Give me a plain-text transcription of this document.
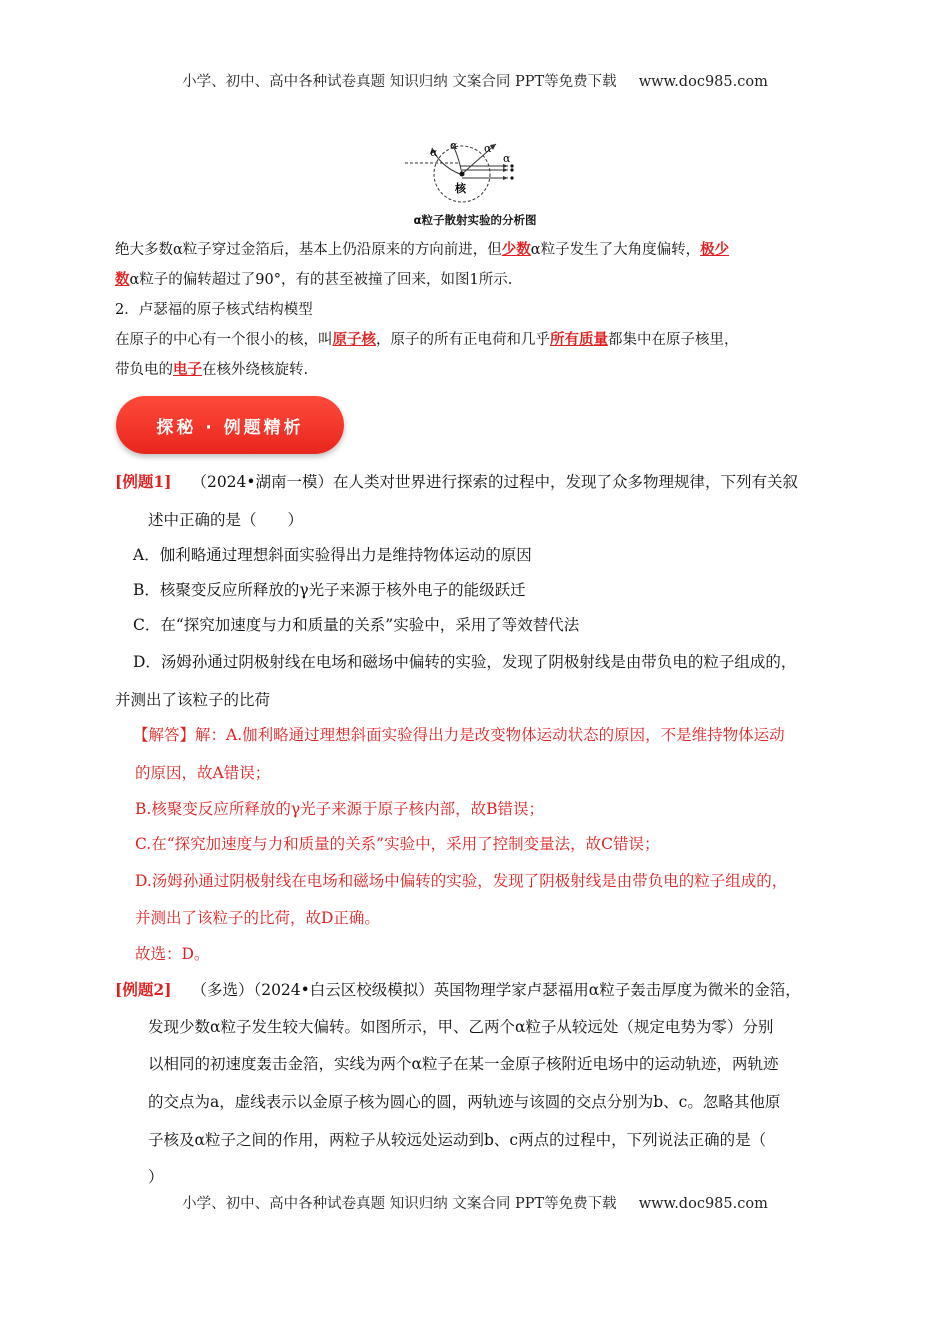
小学、初中、高中各种试卷真题 知识归纳 文案合同 PPT等免费下载 www.doc985.com
α
α α
α
核
α粒子散射实验的分析图
绝大多数α粒子穿过金箔后，基本上仍沿原来的方向前进，但少数α粒子发生了大角度偏转，极少
数α粒子的偏转超过了90°，有的甚至被撞了回来，如图1所示.
2．卢瑟福的原子核式结构模型
在原子的中心有一个很小的核，叫原子核，原子的所有正电荷和几乎所有质量都集中在原子核里，
带负电的电子在核外绕核旋转.
探秘 · 例题精析
[例题1] （2024•湖南一模）在人类对世界进行探索的过程中，发现了众多物理规律，下列有关叙
述中正确的是（　　）
A．伽利略通过理想斜面实验得出力是维持物体运动的原因
B．核聚变反应所释放的γ光子来源于核外电子的能级跃迁
C．在“探究加速度与力和质量的关系”实验中，采用了等效替代法
D．汤姆孙通过阴极射线在电场和磁场中偏转的实验，发现了阴极射线是由带负电的粒子组成的，
并测出了该粒子的比荷
【解答】解：A.伽利略通过理想斜面实验得出力是改变物体运动状态的原因，不是维持物体运动
的原因，故A错误；
B.核聚变反应所释放的γ光子来源于原子核内部，故B错误；
C.在“探究加速度与力和质量的关系”实验中，采用了控制变量法，故C错误；
D.汤姆孙通过阴极射线在电场和磁场中偏转的实验，发现了阴极射线是由带负电的粒子组成的，
并测出了该粒子的比荷，故D正确。
故选：D。
[例题2] （多选）（2024•白云区校级模拟）英国物理学家卢瑟福用α粒子轰击厚度为微米的金箔，
发现少数α粒子发生较大偏转。如图所示，甲、乙两个α粒子从较远处（规定电势为零）分别
以相同的初速度轰击金箔，实线为两个α粒子在某一金原子核附近电场中的运动轨迹，两轨迹
的交点为a，虚线表示以金原子核为圆心的圆，两轨迹与该圆的交点分别为b、c。忽略其他原
子核及α粒子之间的作用，两粒子从较远处运动到b、c两点的过程中，下列说法正确的是（
）
小学、初中、高中各种试卷真题 知识归纳 文案合同 PPT等免费下载 www.doc985.com
